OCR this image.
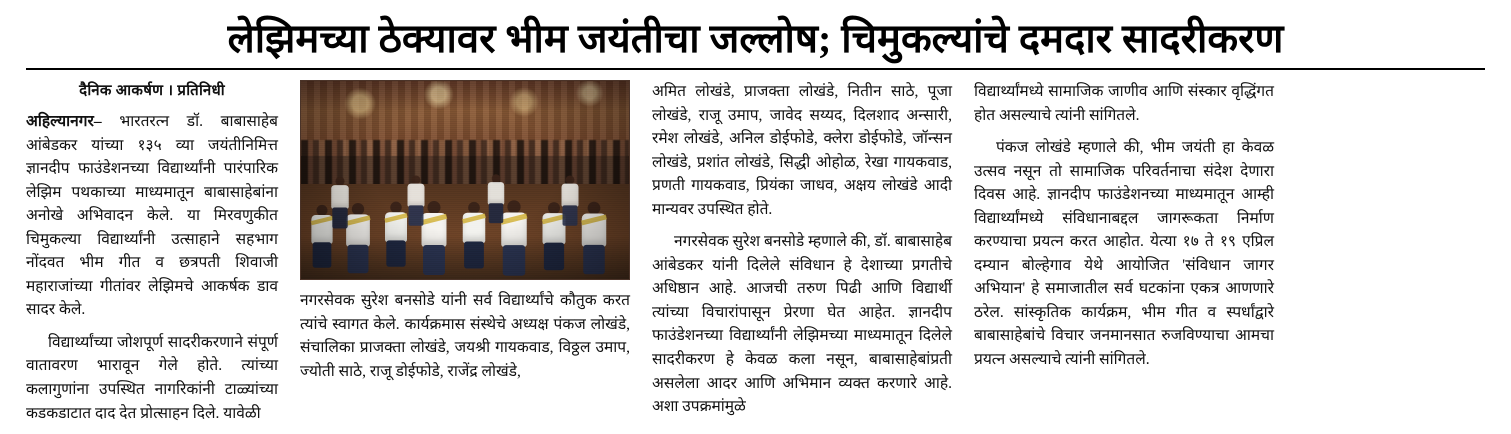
लेझिमच्या ठेक्यावर भीम जयंतीचा जल्लोष; चिमुकल्यांचे दमदार सादरीकरण
दैनिक आकर्षण । प्रतिनिधी

अहिल्यानगर– भारतरत्न डॉ. बाबासाहेब आंबेडकर यांच्या १३५ व्या जयंतीनिमित्त ज्ञानदीप फाउंडेशनच्या विद्यार्थ्यांनी पारंपारिक लेझिम पथकाच्या माध्यमातून बाबासाहेबांना अनोखे अभिवादन केले. या मिरवणुकीत चिमुकल्या विद्यार्थ्यांनी उत्साहाने सहभाग नोंदवत भीम गीत व छत्रपती शिवाजी महाराजांच्या गीतांवर लेझिमचे आकर्षक डाव सादर केले.

विद्यार्थ्यांच्या जोशपूर्ण सादरीकरणाने संपूर्ण वातावरण भारावून गेले होते. त्यांच्या कलागुणांना उपस्थित नागरिकांनी टाळ्यांच्या कडकडाटात दाद देत प्रोत्साहन दिले. यावेळी

नगरसेवक सुरेश बनसोडे यांनी सर्व विद्यार्थ्यांचे कौतुक करत त्यांचे स्वागत केले. कार्यक्रमास संस्थेचे अध्यक्ष पंकज लोखंडे, संचालिका प्राजक्ता लोखंडे, जयश्री गायकवाड, विठ्ठल उमाप, ज्योती साठे, राजू डोईफोडे, राजेंद्र लोखंडे,

अमित लोखंडे, प्राजक्ता लोखंडे, नितीन साठे, पूजा लोखंडे, राजू उमाप, जावेद सय्यद, दिलशाद अन्सारी, रमेश लोखंडे, अनिल डोईफोडे, क्लेरा डोईफोडे, जॉन्सन लोखंडे, प्रशांत लोखंडे, सिद्धी ओहोळ, रेखा गायकवाड, प्रणती गायकवाड, प्रियंका जाधव, अक्षय लोखंडे आदी मान्यवर उपस्थित होते.

नगरसेवक सुरेश बनसोडे म्हणाले की, डॉ. बाबासाहेब आंबेडकर यांनी दिलेले संविधान हे देशाच्या प्रगतीचे अधिष्ठान आहे. आजची तरुण पिढी आणि विद्यार्थी त्यांच्या विचारांपासून प्रेरणा घेत आहेत. ज्ञानदीप फाउंडेशनच्या विद्यार्थ्यांनी लेझिमच्या माध्यमातून दिलेले सादरीकरण हे केवळ कला नसून, बाबासाहेबांप्रती असलेला आदर आणि अभिमान व्यक्त करणारे आहे. अशा उपक्रमांमुळे

विद्यार्थ्यांमध्ये सामाजिक जाणीव आणि संस्कार वृद्धिंगत होत असल्याचे त्यांनी सांगितले.

पंकज लोखंडे म्हणाले की, भीम जयंती हा केवळ उत्सव नसून तो सामाजिक परिवर्तनाचा संदेश देणारा दिवस आहे. ज्ञानदीप फाउंडेशनच्या माध्यमातून आम्ही विद्यार्थ्यांमध्ये संविधानाबद्दल जागरूकता निर्माण करण्याचा प्रयत्न करत आहोत. येत्या १७ ते १९ एप्रिल दम्यान बोल्हेगाव येथे आयोजित 'संविधान जागर अभियान' हे समाजातील सर्व घटकांना एकत्र आणणारे ठरेल. सांस्कृतिक कार्यक्रम, भीम गीत व स्पर्धांद्वारे बाबासाहेबांचे विचार जनमानसात रुजविण्याचा आमचा प्रयत्न असल्याचे त्यांनी सांगितले.
